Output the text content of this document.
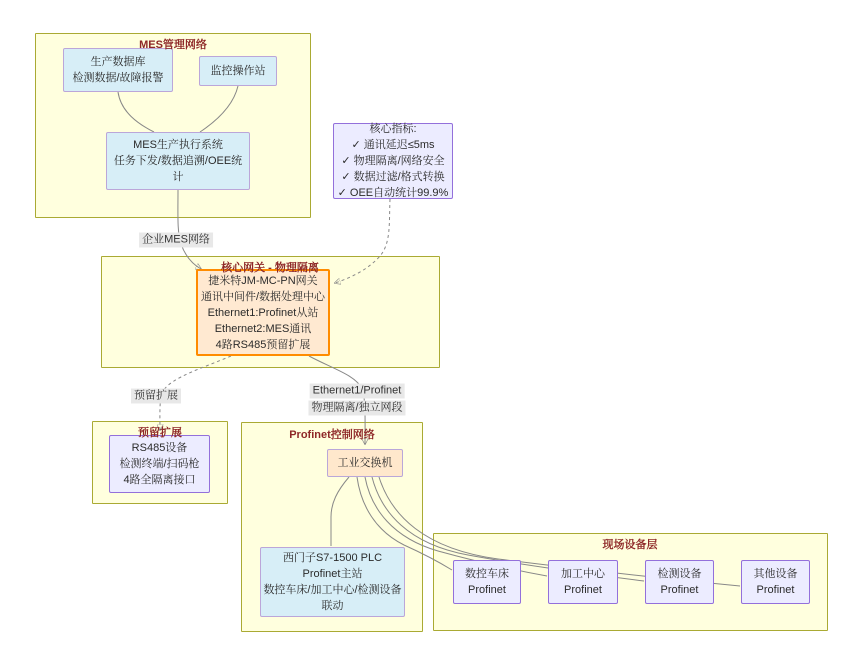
MES管理网络
核心网关 - 物理隔离
预留扩展	Profinet控制网络
现场设备层
生产数据库
检测数据/故障报警
监控操作站
MES生产执行系统
任务下发/数据追溯/OEE统计
核心指标:
✓ 通讯延迟≤5ms
✓ 物理隔离/网络安全
✓ 数据过滤/格式转换
✓ OEE自动统计99.9%
捷米特JM-MC-PN网关
通讯中间件/数据处理中心
Ethernet1:Profinet从站
Ethernet2:MES通讯
4路RS485预留扩展
RS485设备
检测终端/扫码枪
4路全隔离接口
工业交换机
西门子S7-1500 PLC
Profinet主站
数控车床/加工中心/检测设备联动
数控车床
Profinet
加工中心
Profinet
检测设备
Profinet
其他设备
Profinet
企业MES网络
预留扩展	Ethernet1/Profinet
物理隔离/独立网段
